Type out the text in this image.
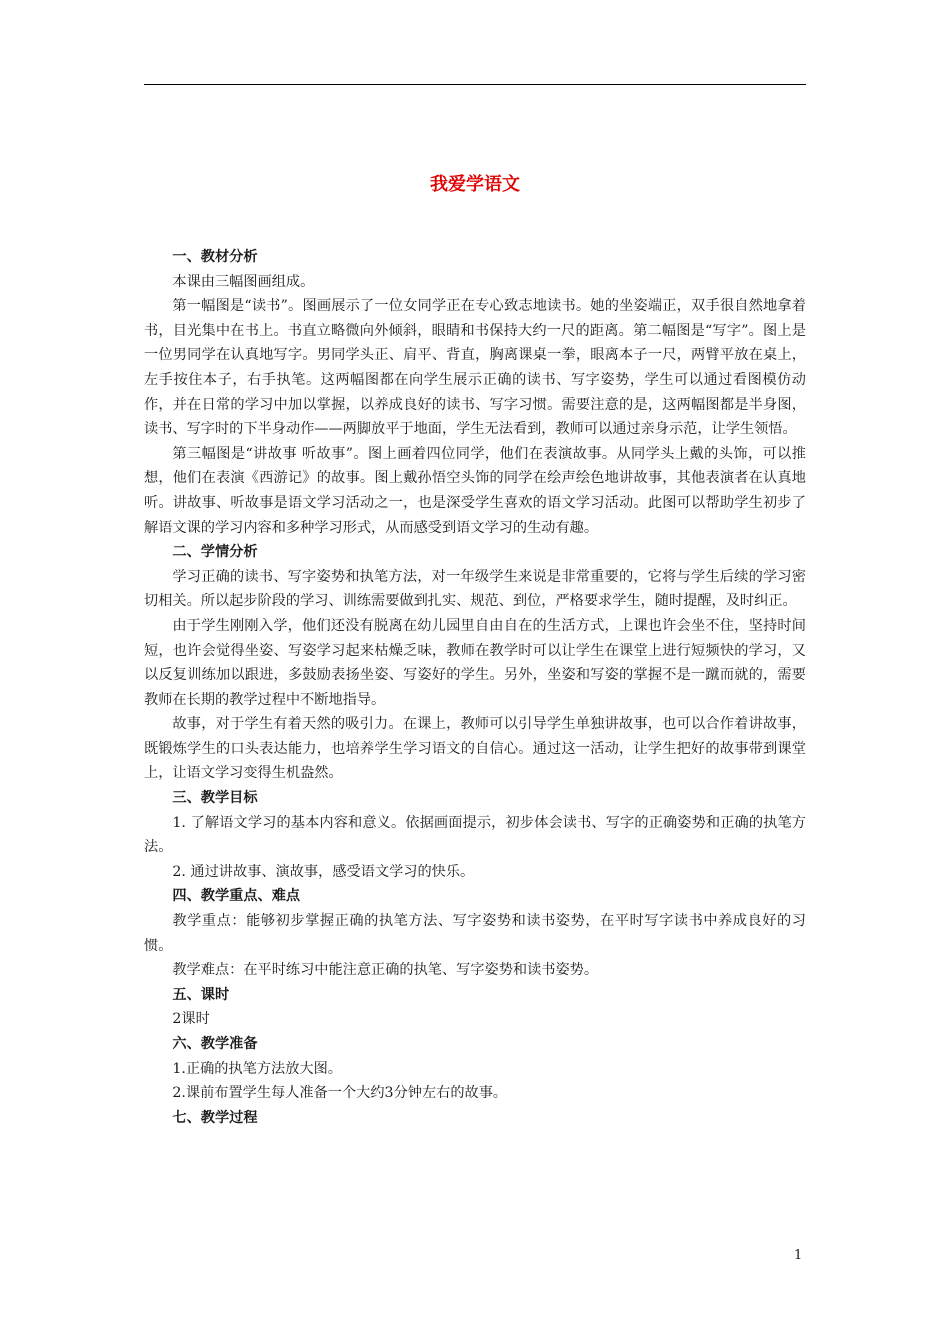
我爱学语文
一、教材分析

本课由三幅图画组成。

第一幅图是“读书”。图画展示了一位女同学正在专心致志地读书。她的坐姿端正，双手很自然地拿着书，目光集中在书上。书直立略微向外倾斜，眼睛和书保持大约一尺的距离。第二幅图是“写字”。图上是一位男同学在认真地写字。男同学头正、肩平、背直，胸离课桌一拳，眼离本子一尺，两臂平放在桌上，左手按住本子，右手执笔。这两幅图都在向学生展示正确的读书、写字姿势，学生可以通过看图模仿动作，并在日常的学习中加以掌握，以养成良好的读书、写字习惯。需要注意的是，这两幅图都是半身图，读书、写字时的下半身动作——两脚放平于地面，学生无法看到，教师可以通过亲身示范，让学生领悟。

第三幅图是“讲故事 听故事”。图上画着四位同学，他们在表演故事。从同学头上戴的头饰，可以推想，他们在表演《西游记》的故事。图上戴孙悟空头饰的同学在绘声绘色地讲故事，其他表演者在认真地听。讲故事、听故事是语文学习活动之一，也是深受学生喜欢的语文学习活动。此图可以帮助学生初步了解语文课的学习内容和多种学习形式，从而感受到语文学习的生动有趣。

二、学情分析

学习正确的读书、写字姿势和执笔方法，对一年级学生来说是非常重要的，它将与学生后续的学习密切相关。所以起步阶段的学习、训练需要做到扎实、规范、到位，严格要求学生，随时提醒，及时纠正。

由于学生刚刚入学，他们还没有脱离在幼儿园里自由自在的生活方式，上课也许会坐不住，坚持时间短，也许会觉得坐姿、写姿学习起来枯燥乏味，教师在教学时可以让学生在课堂上进行短频快的学习，又以反复训练加以跟进，多鼓励表扬坐姿、写姿好的学生。另外，坐姿和写姿的掌握不是一蹴而就的，需要教师在长期的教学过程中不断地指导。

故事，对于学生有着天然的吸引力。在课上，教师可以引导学生单独讲故事，也可以合作着讲故事，既锻炼学生的口头表达能力，也培养学生学习语文的自信心。通过这一活动，让学生把好的故事带到课堂上，让语文学习变得生机盎然。

三、教学目标

1. 了解语文学习的基本内容和意义。依据画面提示，初步体会读书、写字的正确姿势和正确的执笔方法。

2. 通过讲故事、演故事，感受语文学习的快乐。

四、教学重点、难点

教学重点：能够初步掌握正确的执笔方法、写字姿势和读书姿势，在平时写字读书中养成良好的习惯。

教学难点：在平时练习中能注意正确的执笔、写字姿势和读书姿势。

五、课时

2课时

六、教学准备

1.正确的执笔方法放大图。

2.课前布置学生每人准备一个大约3分钟左右的故事。

七、教学过程
1
